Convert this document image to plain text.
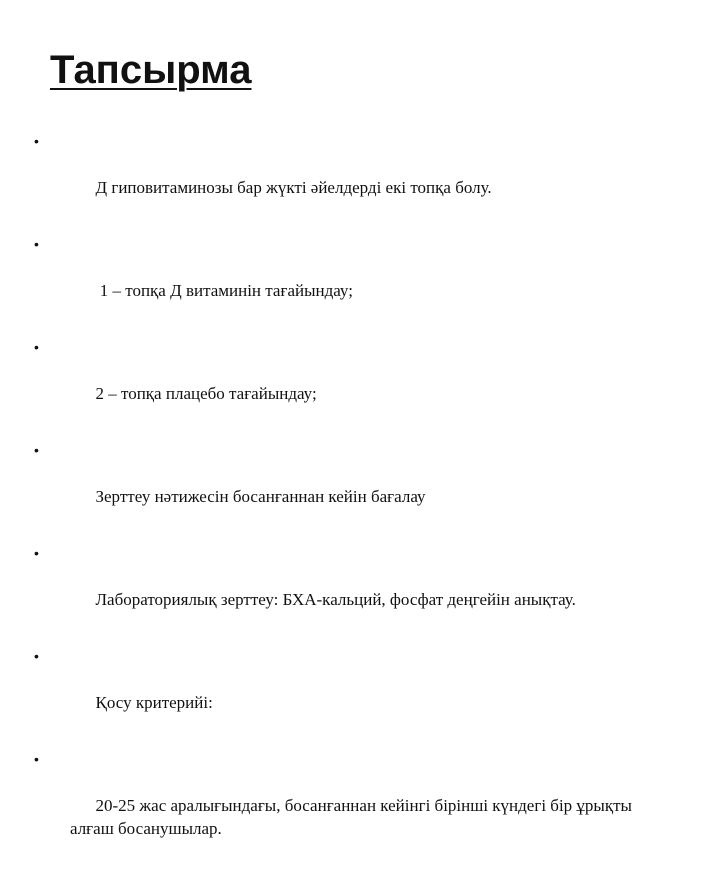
Тапсырма

•

Д гиповитаминозы бар жүкті әйелдерді екі топқа болу.

•

1 – топқа Д витаминін тағайындау;

•

2 – топқа плацебо тағайындау;

•

Зерттеу нәтижесін босанғаннан кейін бағалау

•

Лабораториялық зерттеу: БХА-кальций, фосфат деңгейін анықтау.

•

Қосу критерийі:

•

20-25 жас аралығындағы, босанғаннан кейінгі бірінші күндегі бір ұрықты алғаш босанушылар.
